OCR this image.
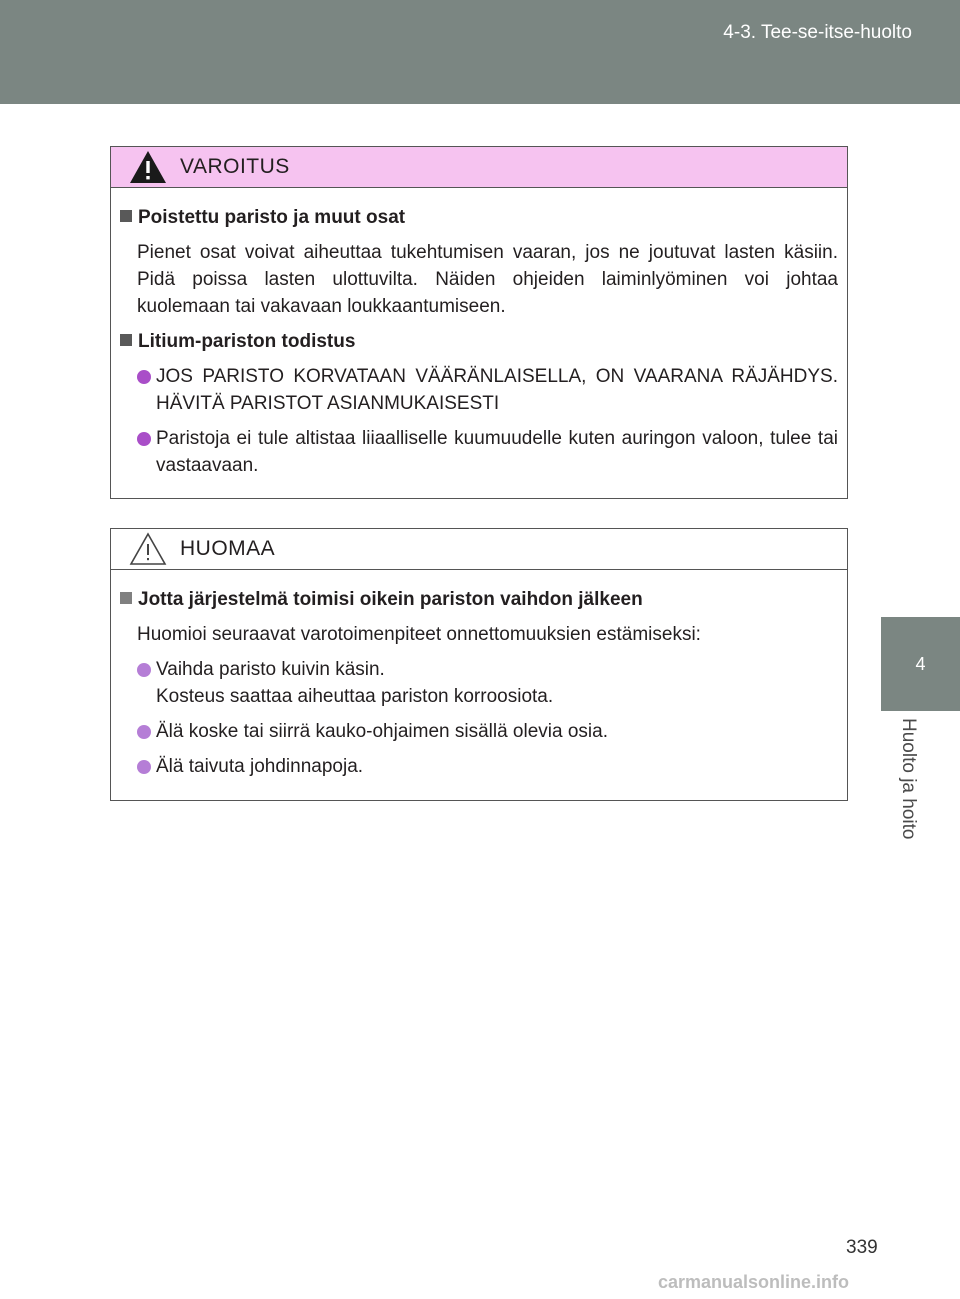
4-3. Tee-se-itse-huolto
4
Huolto ja hoito
VAROITUS
Poistettu paristo ja muut osat
Pienet osat voivat aiheuttaa tukehtumisen vaaran, jos ne joutuvat lasten käsiin. Pidä poissa lasten ulottuvilta. Näiden ohjeiden laiminlyöminen voi johtaa kuolemaan tai vakavaan loukkaantumiseen.
Litium-pariston todistus
JOS PARISTO KORVATAAN VÄÄRÄNLAISELLA, ON VAARANA RÄJÄHDYS. HÄVITÄ PARISTOT ASIANMUKAISESTI
Paristoja ei tule altistaa liiaalliselle kuumuudelle kuten auringon valoon, tulee tai vastaavaan.
HUOMAA
Jotta järjestelmä toimisi oikein pariston vaihdon jälkeen
Huomioi seuraavat varotoimenpiteet onnettomuuksien estämiseksi:
Vaihda paristo kuivin käsin.
Kosteus saattaa aiheuttaa pariston korroosiota.
Älä koske tai siirrä kauko-ohjaimen sisällä olevia osia.
Älä taivuta johdinnapoja.
339
carmanualsonline.info
